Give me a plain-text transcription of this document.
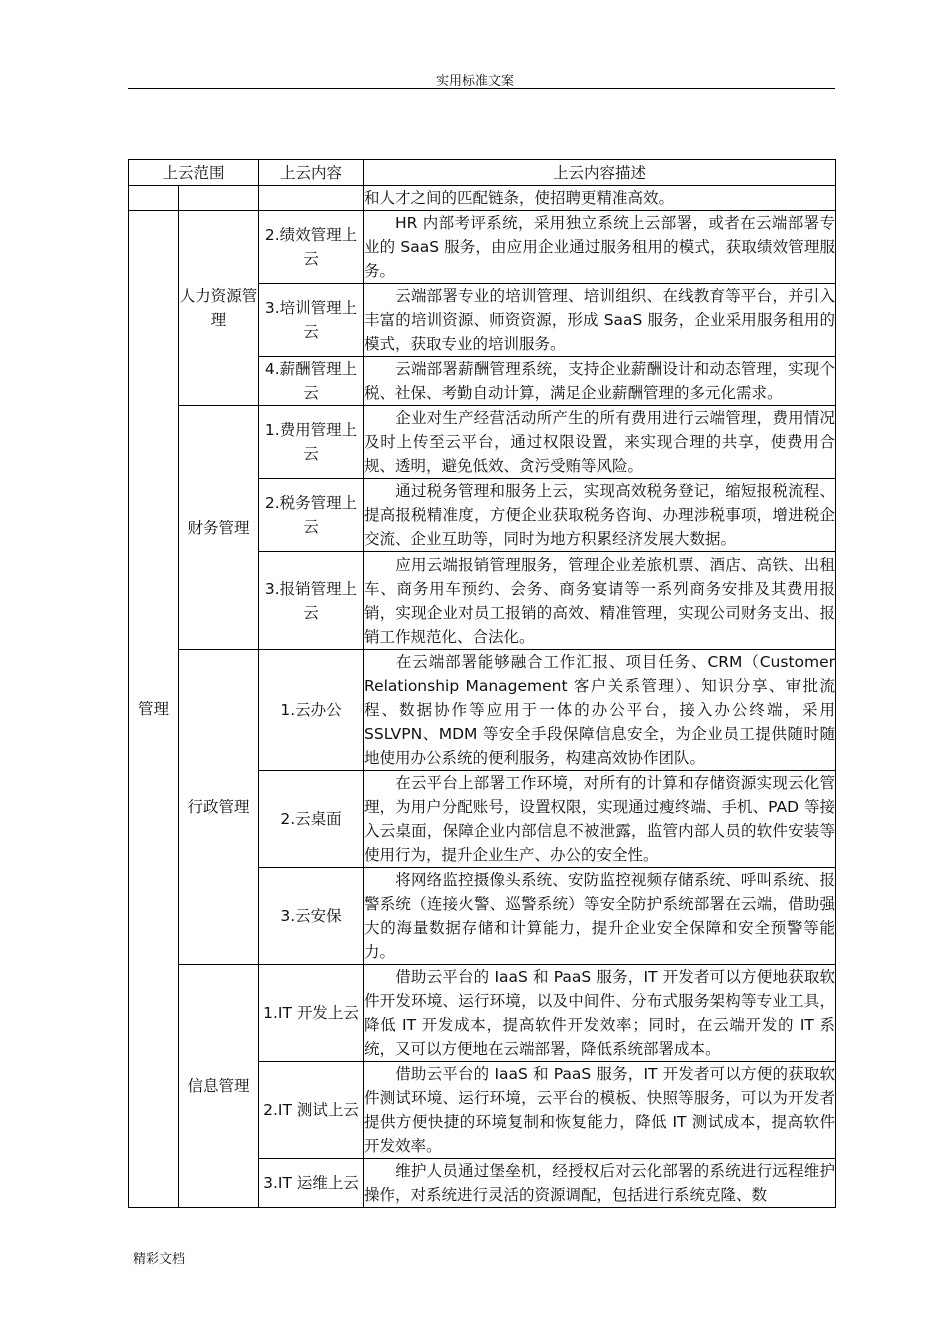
实用标准文案
上云范围		上云内容	上云内容描述
			和人才之间的匹配链条，使招聘更精准高效。
管理	人力资源管理	2.绩效管理上云	HR 内部考评系统，采用独立系统上云部署，或者在云端部署专业的 SaaS 服务，由应用企业通过服务租用的模式，获取绩效管理服务。
		3.培训管理上云	云端部署专业的培训管理、培训组织、在线教育等平台，并引入丰富的培训资源、师资资源，形成 SaaS 服务，企业采用服务租用的模式，获取专业的培训服务。
		4.薪酬管理上云	云端部署薪酬管理系统，支持企业薪酬设计和动态管理，实现个税、社保、考勤自动计算，满足企业薪酬管理的多元化需求。
	财务管理	1.费用管理上云	企业对生产经营活动所产生的所有费用进行云端管理，费用情况及时上传至云平台，通过权限设置，来实现合理的共享，使费用合规、透明，避免低效、贪污受贿等风险。
		2.税务管理上云	通过税务管理和服务上云，实现高效税务登记，缩短报税流程、提高报税精准度，方便企业获取税务咨询、办理涉税事项，增进税企交流、企业互助等，同时为地方积累经济发展大数据。
		3.报销管理上云	应用云端报销管理服务，管理企业差旅机票、酒店、高铁、出租车、商务用车预约、会务、商务宴请等一系列商务安排及其费用报销，实现企业对员工报销的高效、精准管理，实现公司财务支出、报销工作规范化、合法化。
	行政管理	1.云办公	在云端部署能够融合工作汇报、项目任务、CRM（Customer Relationship Management 客户关系管理）、知识分享、审批流程、数据协作等应用于一体的办公平台，接入办公终端，采用 SSLVPN、MDM 等安全手段保障信息安全，为企业员工提供随时随地使用办公系统的便利服务，构建高效协作团队。
		2.云桌面	在云平台上部署工作环境，对所有的计算和存储资源实现云化管理，为用户分配账号，设置权限，实现通过瘦终端、手机、PAD 等接入云桌面，保障企业内部信息不被泄露，监管内部人员的软件安装等使用行为，提升企业生产、办公的安全性。
		3.云安保	将网络监控摄像头系统、安防监控视频存储系统、呼叫系统、报警系统（连接火警、巡警系统）等安全防护系统部署在云端，借助强大的海量数据存储和计算能力，提升企业安全保障和安全预警等能力。
	信息管理	1.IT 开发上云	借助云平台的 IaaS 和 PaaS 服务，IT 开发者可以方便地获取软件开发环境、运行环境，以及中间件、分布式服务架构等专业工具，降低 IT 开发成本，提高软件开发效率；同时，在云端开发的 IT 系统，又可以方便地在云端部署，降低系统部署成本。
		2.IT 测试上云	借助云平台的 IaaS 和 PaaS 服务，IT 开发者可以方便的获取软件测试环境、运行环境，云平台的模板、快照等服务，可以为开发者提供方便快捷的环境复制和恢复能力，降低 IT 测试成本，提高软件开发效率。
		3.IT 运维上云	维护人员通过堡垒机，经授权后对云化部署的系统进行远程维护操作，对系统进行灵活的资源调配，包括进行系统克隆、数
精彩文档
